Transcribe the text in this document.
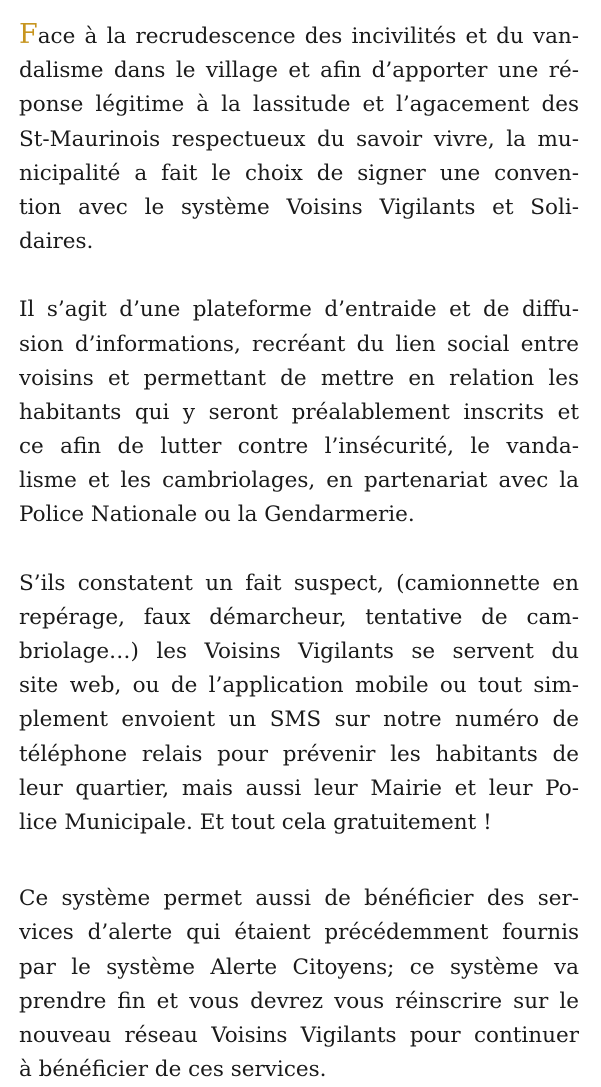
Face à la recrudescence des incivilités et du van-
dalisme dans le village et afin d’apporter une ré-
ponse légitime à la lassitude et l’agacement des
St-Maurinois respectueux du savoir vivre, la mu-
nicipalité a fait le choix de signer une conven-
tion avec le système Voisins Vigilants et Soli-
daires.
Il s’agit d’une plateforme d’entraide et de diffu-
sion d’informations, recréant du lien social entre
voisins et permettant de mettre en relation les
habitants qui y seront préalablement inscrits et
ce afin de lutter contre l’insécurité, le vanda-
lisme et les cambriolages, en partenariat avec la
Police Nationale ou la Gendarmerie.
S’ils constatent un fait suspect, (camionnette en
repérage, faux démarcheur, tentative de cam-
briolage…) les Voisins Vigilants se servent du
site web, ou de l’application mobile ou tout sim-
plement envoient un SMS sur notre numéro de
téléphone relais pour prévenir les habitants de
leur quartier, mais aussi leur Mairie et leur Po-
lice Municipale. Et tout cela gratuitement !
Ce système permet aussi de bénéficier des ser-
vices d’alerte qui étaient précédemment fournis
par le système Alerte Citoyens; ce système va
prendre fin et vous devrez vous réinscrire sur le
nouveau réseau Voisins Vigilants pour continuer
à bénéficier de ces services.
